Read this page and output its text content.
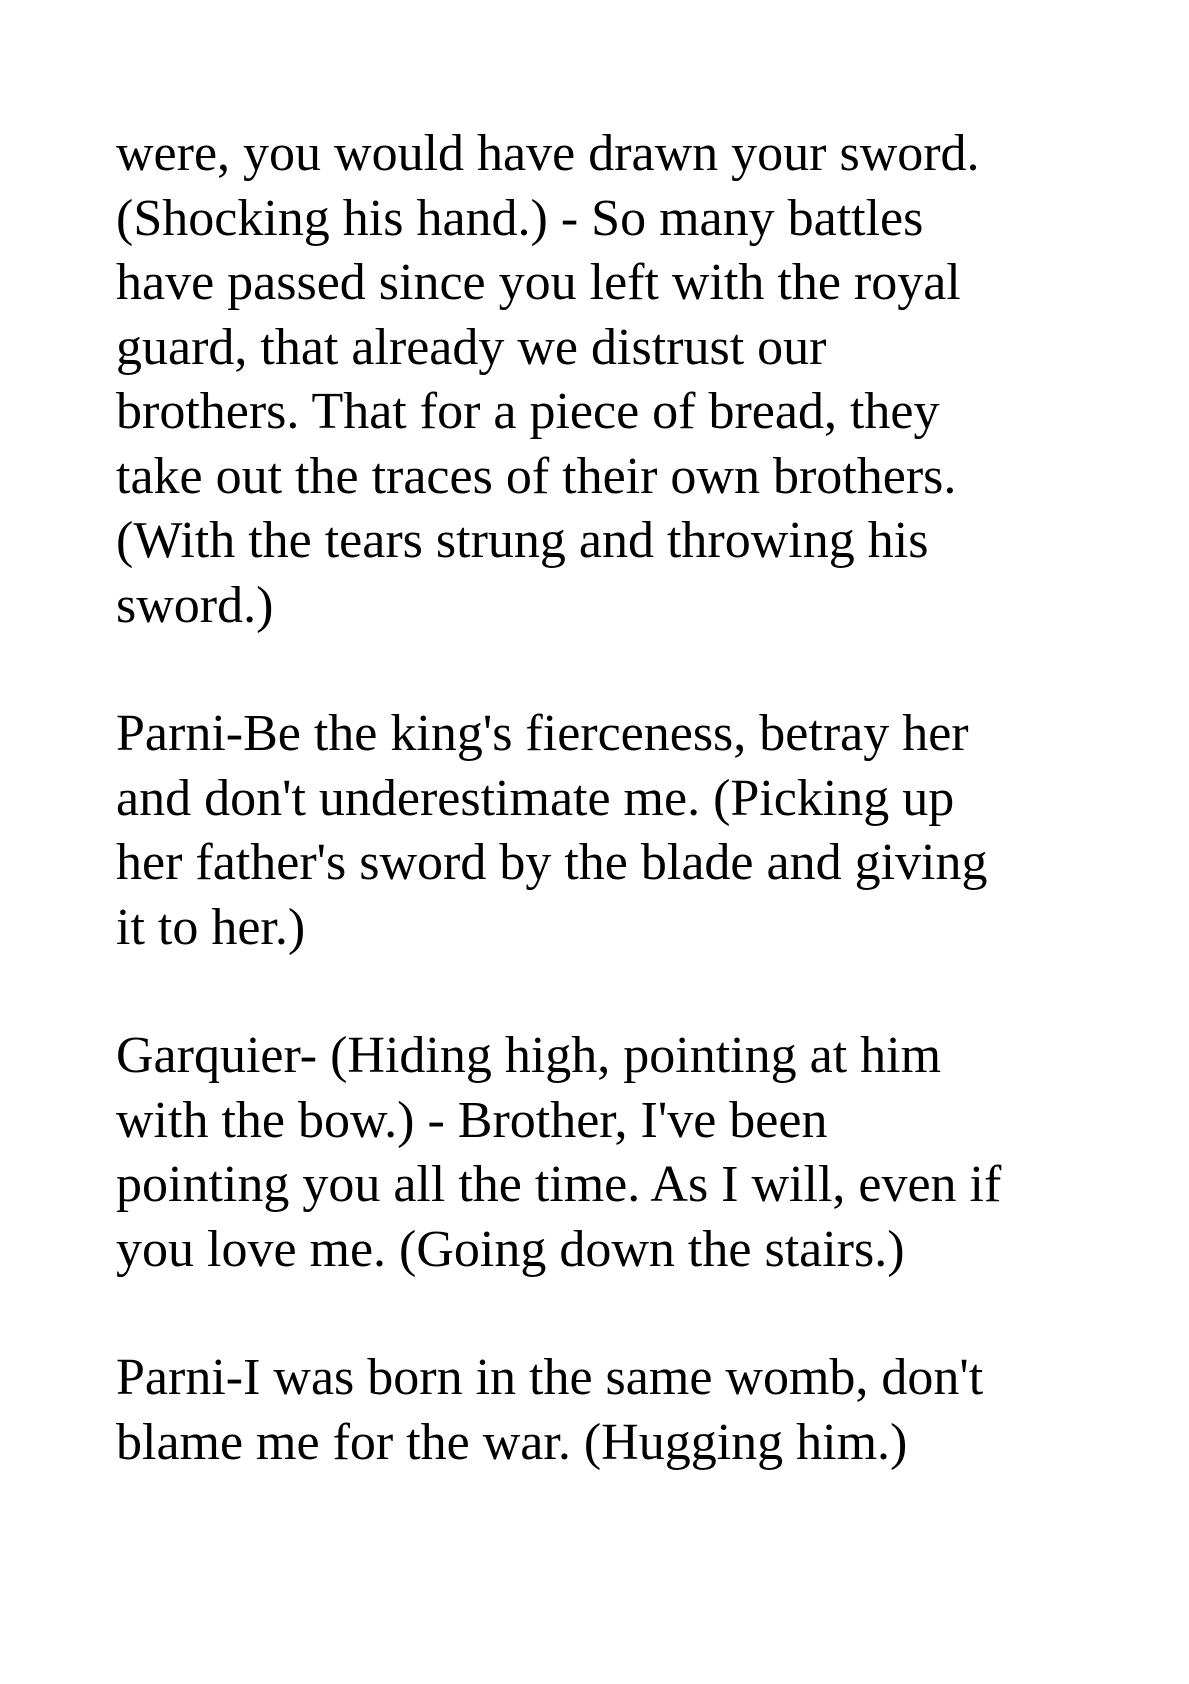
were, you would have drawn your sword.
(Shocking his hand.) - So many battles
have passed since you left with the royal
guard, that already we distrust our
brothers. That for a piece of bread, they
take out the traces of their own brothers.
(With the tears strung and throwing his
sword.)

Parni-Be the king's fierceness, betray her
and don't underestimate me. (Picking up
her father's sword by the blade and giving
it to her.)

Garquier- (Hiding high, pointing at him
with the bow.) - Brother, I've been
pointing you all the time. As I will, even if
you love me. (Going down the stairs.)

Parni-I was born in the same womb, don't
blame me for the war. (Hugging him.)
